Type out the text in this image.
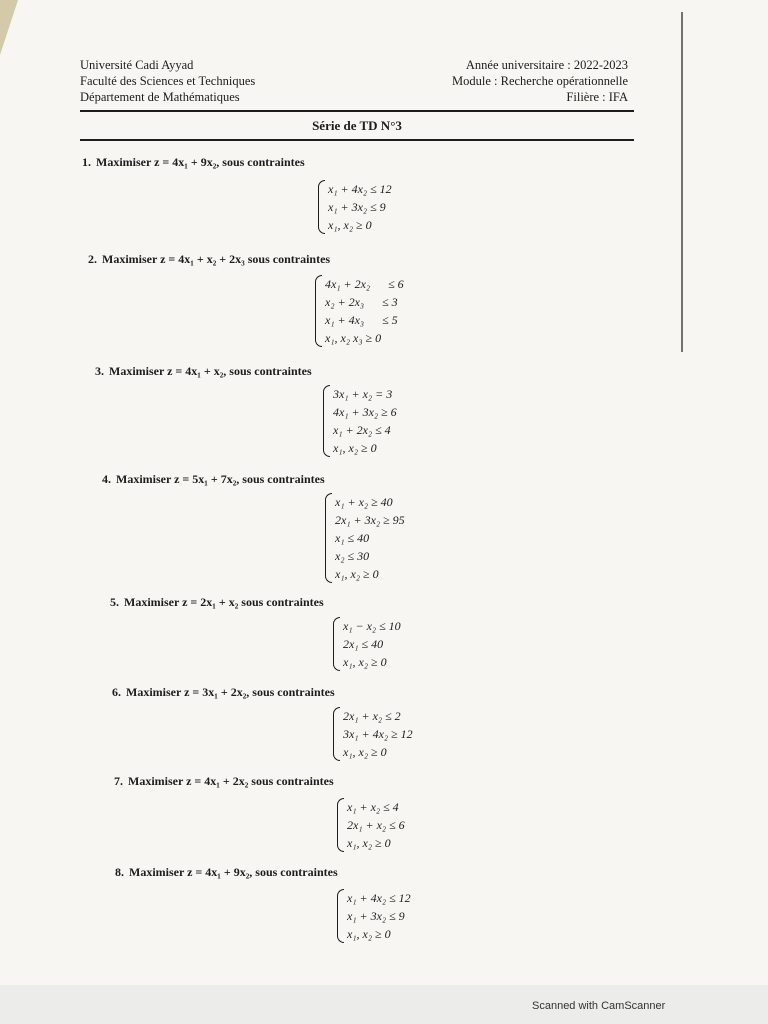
Université Cadi Ayyad
Faculté des Sciences et Techniques
Département de Mathématiques
Année universitaire : 2022-2023
Module : Recherche opérationnelle
Filière : IFA
Série de TD N°3
1. Maximiser z = 4x₁ + 9x₂, sous contraintes
x₁ + 4x₂ ≤ 12
x₁ + 3x₂ ≤ 9
x₁, x₂ ≥ 0
2. Maximiser z = 4x₁ + x₂ + 2x₃ sous contraintes
4x₁ + 2x₂      ≤ 6
x₂ + 2x₃      ≤ 3
x₁ + 4x₃      ≤ 5
x₁, x₂ x₃ ≥ 0
3. Maximiser z = 4x₁ + x₂, sous contraintes
3x₁ + x₂ = 3
4x₁ + 3x₂ ≥ 6
x₁ + 2x₂ ≤ 4
x₁, x₂ ≥ 0
4. Maximiser z = 5x₁ + 7x₂, sous contraintes
x₁ + x₂ ≥ 40
2x₁ + 3x₂ ≥ 95
x₁ ≤ 40
x₂ ≤ 30
x₁, x₂ ≥ 0
5. Maximiser z = 2x₁ + x₂ sous contraintes
x₁ − x₂ ≤ 10
2x₁ ≤ 40
x₁, x₂ ≥ 0
6. Maximiser z = 3x₁ + 2x₂, sous contraintes
2x₁ + x₂ ≤ 2
3x₁ + 4x₂ ≥ 12
x₁, x₂ ≥ 0
7. Maximiser z = 4x₁ + 2x₂ sous contraintes
x₁ + x₂ ≤ 4
2x₁ + x₂ ≤ 6
x₁, x₂ ≥ 0
8. Maximiser z = 4x₁ + 9x₂, sous contraintes
x₁ + 4x₂ ≤ 12
x₁ + 3x₂ ≤ 9
x₁, x₂ ≥ 0
Scanned with CamScanner
